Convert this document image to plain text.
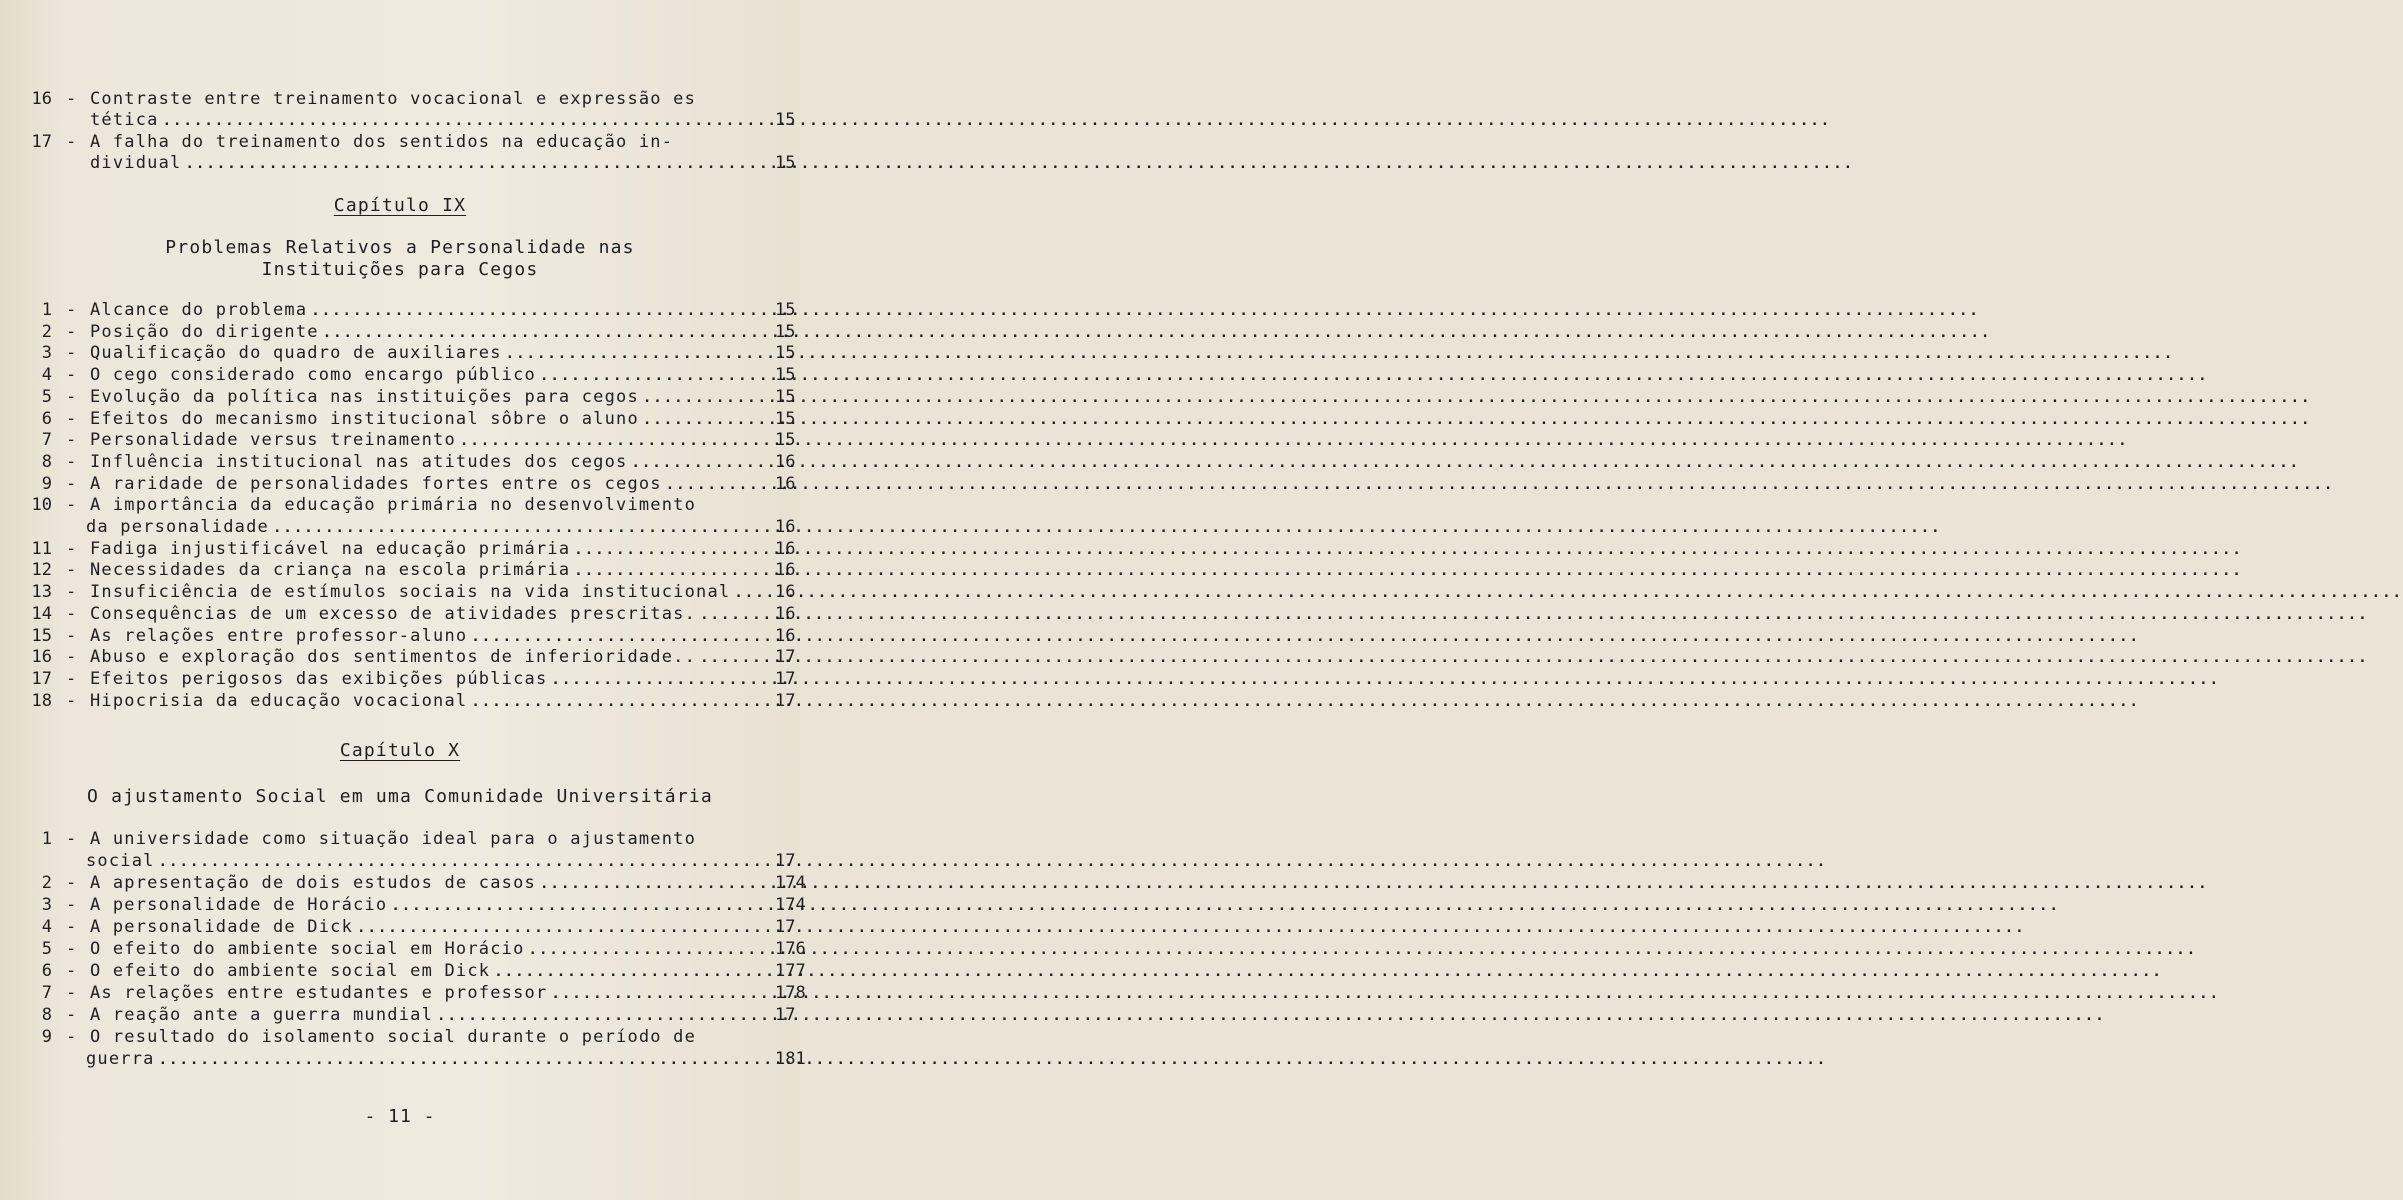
16 - Contraste entre treinamento vocacional e expressão es
tética .....	15
17 - A falha do treinamento dos sentidos na educação in-
dividual .....	15
Capítulo IX
Problemas Relativos a Personalidade nas
Instituições para Cegos
1 - Alcance do problema .....	15
2 - Posição do dirigente .....	15
3 - Qualificação do quadro de auxiliares .....	15
4 - O cego considerado como encargo público .....	15
5 - Evolução da política nas instituições para cegos .....	15
6 - Efeitos do mecanismo institucional sôbre o aluno .....	15
7 - Personalidade versus treinamento .....	15
8 - Influência institucional nas atitudes dos cegos .....	16
9 - A raridade de personalidades fortes entre os cegos .....	16
10 - A importância da educação primária no desenvolvimento
da personalidade .....	16
11 - Fadiga injustificável na educação primária .....	16
12 - Necessidades da criança na escola primária .....	16
13 - Insuficiência de estímulos sociais na vida institucional .....	16
14 - Consequências de um excesso de atividades prescritas. .....	16
15 - As relações entre professor-aluno .....	16
16 - Abuso e exploração dos sentimentos de inferioridade.. .....	17
17 - Efeitos perigosos das exibições públicas .....	17
18 - Hipocrisia da educação vocacional .....	17
Capítulo X
O ajustamento Social em uma Comunidade Universitária
1 - A universidade como situação ideal para o ajustamento
social .....	17
2 - A apresentação de dois estudos de casos .....	174
3 - A personalidade de Horácio .....	174
4 - A personalidade de Dick .....	17
5 - O efeito do ambiente social em Horácio .....	176
6 - O efeito do ambiente social em Dick .....	177
7 - As relações entre estudantes e professor .....	178
8 - A reação ante a guerra mundial .....	17
9 - O resultado do isolamento social durante o período de
guerra .....	181
- 11 -
